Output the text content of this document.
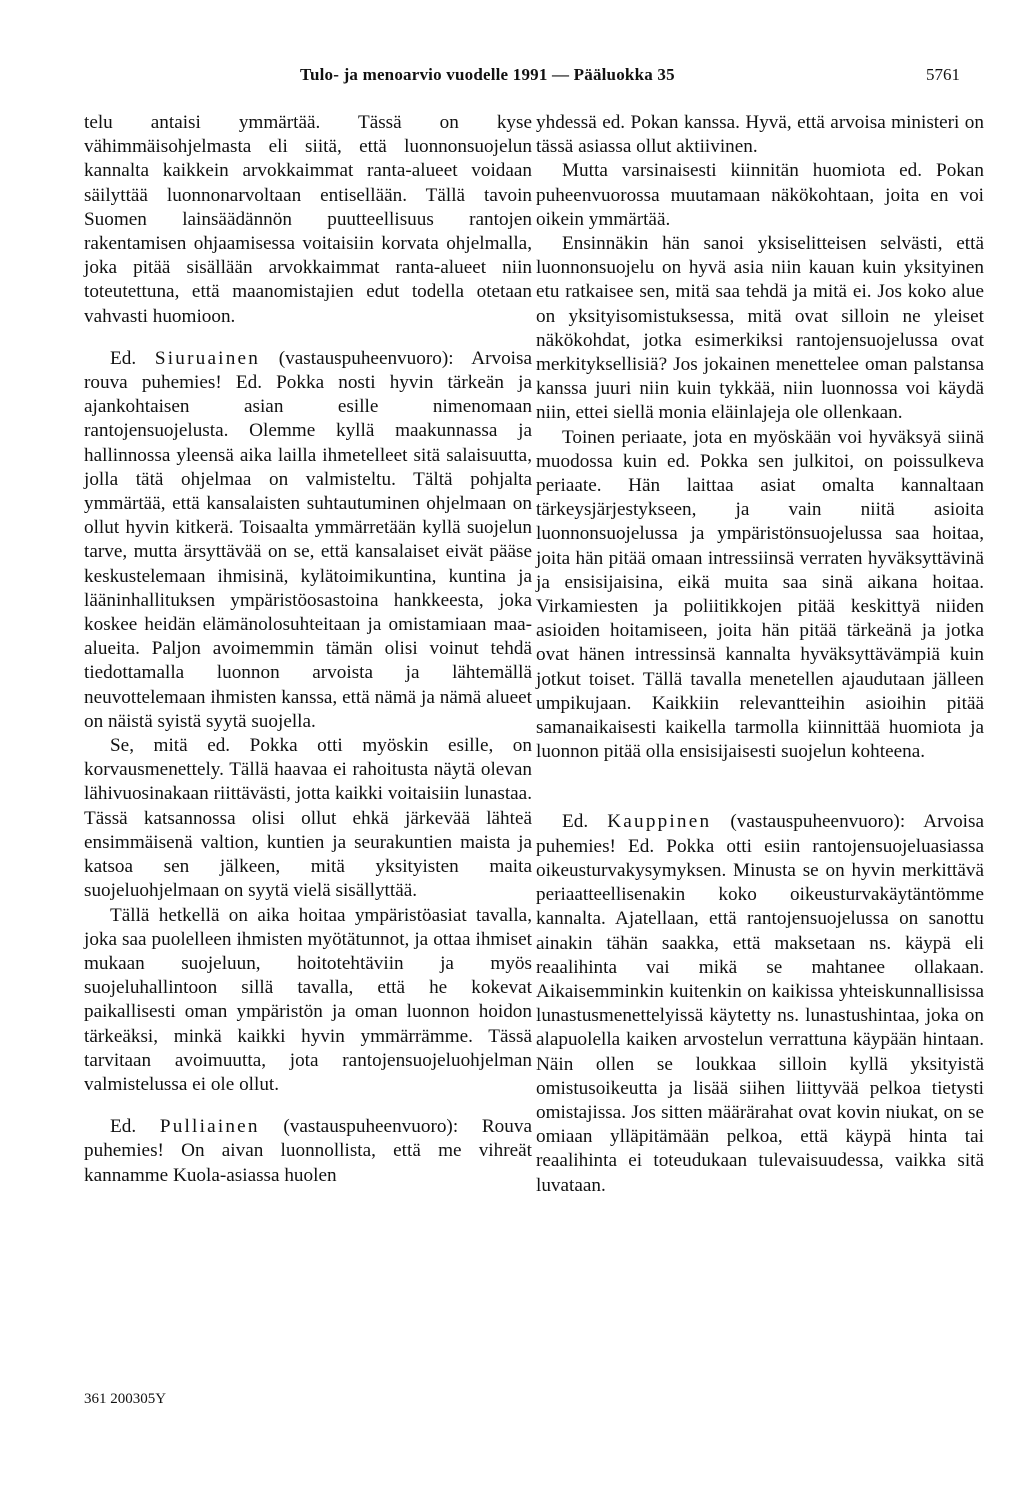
Tulo- ja menoarvio vuodelle 1991 — Pääluokka 35	5761

telu antaisi ymmärtää. Tässä on kyse vähimmäisohjelmasta eli siitä, että luonnonsuojelun kannalta kaikkein arvokkaimmat ranta-alueet voidaan säilyttää luonnonarvoltaan entisellään. Tällä tavoin Suomen lainsäädännön puutteellisuus rantojen rakentamisen ohjaamisessa voitaisiin korvata ohjelmalla, joka pitää sisällään arvokkaimmat ranta-alueet niin toteutettuna, että maanomistajien edut todella otetaan vahvasti huomioon.

Ed. Siuruainen (vastauspuheenvuoro): Arvoisa rouva puhemies! Ed. Pokka nosti hyvin tärkeän ja ajankohtaisen asian esille nimenomaan rantojensuojelusta. Olemme kyllä maakunnassa ja hallinnossa yleensä aika lailla ihmetelleet sitä salaisuutta, jolla tätä ohjelmaa on valmisteltu. Tältä pohjalta ymmärtää, että kansalaisten suhtautuminen ohjelmaan on ollut hyvin kitkerä. Toisaalta ymmärretään kyllä suojelun tarve, mutta ärsyttävää on se, että kansalaiset eivät pääse keskustelemaan ihmisinä, kylätoimikuntina, kuntina ja lääninhallituksen ympäristöosastoina hankkeesta, joka koskee heidän elämänolosuhteitaan ja omistamiaan maa-alueita. Paljon avoimemmin tämän olisi voinut tehdä tiedottamalla luonnon arvoista ja lähtemällä neuvottelemaan ihmisten kanssa, että nämä ja nämä alueet on näistä syistä syytä suojella.

Se, mitä ed. Pokka otti myöskin esille, on korvausmenettely. Tällä haavaa ei rahoitusta näytä olevan lähivuosinakaan riittävästi, jotta kaikki voitaisiin lunastaa. Tässä katsannossa olisi ollut ehkä järkevää lähteä ensimmäisenä valtion, kuntien ja seurakuntien maista ja katsoa sen jälkeen, mitä yksityisten maita suojeluohjelmaan on syytä vielä sisällyttää.

Tällä hetkellä on aika hoitaa ympäristöasiat tavalla, joka saa puolelleen ihmisten myötätunnot, ja ottaa ihmiset mukaan suojeluun, hoitotehtäviin ja myös suojeluhallintoon sillä tavalla, että he kokevat paikallisesti oman ympäristön ja oman luonnon hoidon tärkeäksi, minkä kaikki hyvin ymmärrämme. Tässä tarvitaan avoimuutta, jota rantojensuojeluohjelman valmistelussa ei ole ollut.

Ed. Pulliainen (vastauspuheenvuoro): Rouva puhemies! On aivan luonnollista, että me vihreät kannamme Kuola-asiassa huolen

yhdessä ed. Pokan kanssa. Hyvä, että arvoisa ministeri on tässä asiassa ollut aktiivinen.

Mutta varsinaisesti kiinnitän huomiota ed. Pokan puheenvuorossa muutamaan näkökohtaan, joita en voi oikein ymmärtää.

Ensinnäkin hän sanoi yksiselitteisen selvästi, että luonnonsuojelu on hyvä asia niin kauan kuin yksityinen etu ratkaisee sen, mitä saa tehdä ja mitä ei. Jos koko alue on yksityisomistuksessa, mitä ovat silloin ne yleiset näkökohdat, jotka esimerkiksi rantojensuojelussa ovat merkityksellisiä? Jos jokainen menettelee oman palstansa kanssa juuri niin kuin tykkää, niin luonnossa voi käydä niin, ettei siellä monia eläinlajeja ole ollenkaan.

Toinen periaate, jota en myöskään voi hyväksyä siinä muodossa kuin ed. Pokka sen julkitoi, on poissulkeva periaate. Hän laittaa asiat omalta kannaltaan tärkeysjärjestykseen, ja vain niitä asioita luonnonsuojelussa ja ympäristönsuojelussa saa hoitaa, joita hän pitää omaan intressiinsä verraten hyväksyttävinä ja ensisijaisina, eikä muita saa sinä aikana hoitaa. Virkamiesten ja poliitikkojen pitää keskittyä niiden asioiden hoitamiseen, joita hän pitää tärkeänä ja jotka ovat hänen intressinsä kannalta hyväksyttävämpiä kuin jotkut toiset. Tällä tavalla menetellen ajaudutaan jälleen umpikujaan. Kaikkiin relevantteihin asioihin pitää samanaikaisesti kaikella tarmolla kiinnittää huomiota ja luonnon pitää olla ensisijaisesti suojelun kohteena.

Ed. Kauppinen (vastauspuheenvuoro): Arvoisa puhemies! Ed. Pokka otti esiin rantojensuojeluasiassa oikeusturvakysymyksen. Minusta se on hyvin merkittävä periaatteellisenakin koko oikeusturvakäytäntömme kannalta. Ajatellaan, että rantojensuojelussa on sanottu ainakin tähän saakka, että maksetaan ns. käypä eli reaalihinta vai mikä se mahtanee ollakaan. Aikaisemminkin kuitenkin on kaikissa yhteiskunnallisissa lunastusmenettelyissä käytetty ns. lunastushintaa, joka on alapuolella kaiken arvostelun verrattuna käypään hintaan. Näin ollen se loukkaa silloin kyllä yksityistä omistusoikeutta ja lisää siihen liittyvää pelkoa tietysti omistajissa. Jos sitten määrärahat ovat kovin niukat, on se omiaan ylläpitämään pelkoa, että käypä hinta tai reaalihinta ei toteudukaan tulevaisuudessa, vaikka sitä luvataan.

361 200305Y
